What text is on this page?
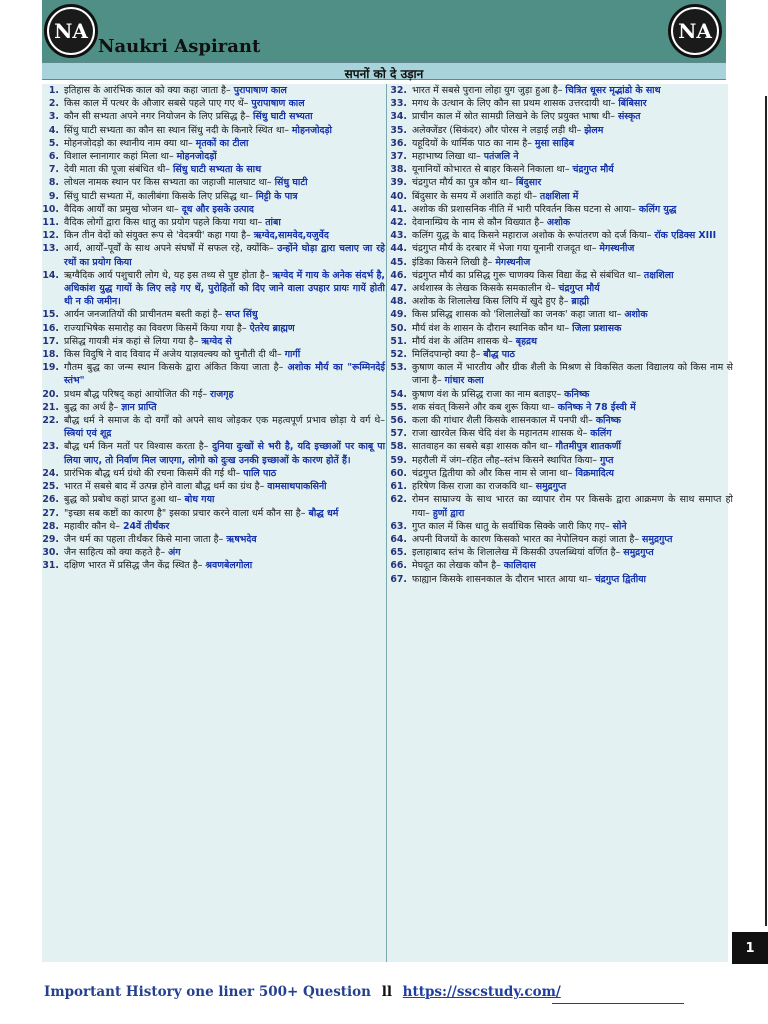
NA
Naukri Aspirant
NA
सपनों को दे उड़ान
1. इतिहास के आरंभिक काल को क्या कहा जाता है– पुरापाषाण काल
2. किस काल में पत्थर के औजार सबसे पहले पाए गए थें– पुरापाषाण काल
3. कौन सी सभ्यता अपने नगर नियोजन के लिए प्रसिद्ध है– सिंधु घाटी सभ्यता
4. सिंधु घाटी सभ्यता का कौन सा स्थान सिंधु नदी के किनारे स्थित था– मोहनजोदड़ो
5. मोहनजोदड़ो का स्थानीय नाम क्या था– मृतकों का टीला
6. विशाल स्नानागार कहां मिला था– मोहनजोदड़ों
7. देवी माता की पूजा संबंधित थी– सिंधु घाटी सभ्यता के साथ
8. लोथल नामक स्थान पर किस सभ्यता का जहाजी मालघाट था– सिंधु घाटी
9. सिंधु घाटी सभ्यता में, कालीबंगा किसके लिए प्रसिद्ध था– मिट्टी के पात्र
10. वैदिक आर्यों का प्रमुख भोजन था– दूध और इसके उत्पाद
11. वैदिक लोगों द्वारा किस धातु का प्रयोग पहले किया गया था– तांबा
12. किन तीन वेदों को संयुक्त रूप से 'वेदत्रयी' कहा गया है– ऋग्वेद,सामवेद,यजुर्वेद
13. आर्य, आर्यों–पूर्वों के साथ अपने संघर्षों में सफल रहे, क्योंकि– उन्होंने घोड़ा द्वारा चलाए जा रहे रथों का प्रयोग किया
14. ऋग्वैदिक आर्य पशुचारी लोग थे, यह इस तथ्य से पुष्ट होता है– ऋग्वेद में गाय के अनेक संदर्भ है, अधिकांश युद्ध गायों के लिए लड़े गए थें, पुरोहितों को दिए जाने वाला उपहार प्रायः गायें होती थी न की जमीन।
15. आर्यन जनजातियों की प्राचीनतम बस्ती कहां है– सप्त सिंधु
16. राज्याभिषेक समारोह का विवरण किसमें किया गया है– ऐतरेय ब्राह्मण
17. प्रसिद्ध गायत्री मंत्र कहां से लिया गया है– ऋग्वेद से
18. किस विदुषि ने वाद विवाद में अजेय याज्ञवल्क्य को चुनौती दी थी– गार्गी
19. गौतम बुद्ध का जन्म स्थान किसके द्वारा अंकित किया जाता है– अशोक मौर्य का "रूम्मिनदेई स्तंभ"
20. प्रथम बौद्ध परिषद् कहां आयोजित की गई– राजगृह
21. बुद्ध का अर्थ है– ज्ञान प्राप्ति
22. बौद्ध धर्म ने समाज के दो वर्गों को अपने साथ जोड़कर एक महत्वपूर्ण प्रभाव छोड़ा ये वर्ग थे– स्त्रियां एवं शूद्र
23. बौद्ध धर्म किन मतों पर विश्वास करता है– दुनिया दुःखों से भरी है, यदि इच्छाओं पर काबू पा लिया जाए, तो निर्वाण मिल जाएगा, लोगो को दुःख उनकी इच्छाओं के कारण होतें हैं।
24. प्रारंभिक बौद्ध धर्म ग्रंथो की रचना किसमें की गई थी– पालि पाठ
25. भारत में सबसे बाद में उत्पन्न होने वाला बौद्ध धर्म का ग्रंथ है– वामसाथपाकसिनी
26. बुद्ध को प्रबोध कहां प्राप्त हुआ था– बोध गया
27. "इच्छा सब कष्टों का कारण है" इसका प्रचार करने वाला धर्म कौन सा है– बौद्ध धर्म
28. महावीर कौन थे– 24वें तीर्थंकर
29. जैन धर्म का पहला तीर्थंकर किसे माना जाता है– ऋषभदेव
30. जैन साहित्य को क्या कहते है– अंग
31. दक्षिण भारत में प्रसिद्ध जैन केंद्र स्थित है– श्रवणबेलगोला
32. भारत में सबसे पुराना लोहा युग जुड़ा हुआ है– चित्रित धूसर मृद्भांडो के साथ
33. मगध के उत्थान के लिए कौन सा प्रथम शासक उत्तरदायी था– बिंबिसार
34. प्राचीन काल में स्रोत सामग्री लिखने के लिए प्रयुक्त भाषा थी– संस्कृत
35. अलेक्जेंडर (सिकंदर) और पोरस ने लड़ाई लड़ी थी– झेलम
36. यहूदियों के धार्मिक पाठ का नाम है– मुसा साहिब
37. महाभाष्य लिखा था– पतंजलि ने
38. यूनानियों कोभारत से बाहर किसने निकाला था– चंद्रगुप्त मौर्य
39. चंद्रगुप्त मौर्य का पुत्र कौन था– बिंदुसार
40. बिंदुसार के समय में अशांति कहां थी– तक्षशिला में
41. अशोक की प्रशासनिक नीति में भारी परिवर्तन किस घटना से आया– कलिंग युद्ध
42. देवानाम्प्रिय के नाम से कौन विख्यात है– अशोक
43. कलिंग युद्ध के बाद किसने महाराज अशोक के रूपांतरण को दर्ज किया– रॉक एडिक्स XIII
44. चंद्रगुप्त मौर्य के दरबार में भेजा गया यूनानी राजदूत था– मेगस्थनीज
45. इंडिका किसने लिखी है– मेगस्थनीज
46. चंद्रगुप्त मौर्य का प्रसिद्ध गुरू चाणक्य किस विद्या केंद्र से संबंधित था– तक्षशिला
47. अर्थशास्त्र के लेखक किसके समकालीन थे– चंद्रगुप्त मौर्य
48. अशोक के शिलालेख किस लिपि में खुदे हुए है– ब्राह्मी
49. किस प्रसिद्ध शासक को 'शिलालेखों का जनक' कहा जाता था– अशोक
50. मौर्य वंश के शासन के दौरान स्थानिक कौन था– जिला प्रशासक
51. मौर्य वंश के अंतिम शासक थे– बृहद्रथ
52. मिलिंदपान्हो क्या है– बौद्ध पाठ
53. कुषाण काल में भारतीय और ग्रीक शैली के मिश्रण से विकसित कला विद्यालय को किस नाम से जाना है– गांधार कला
54. कुषाण वंश के प्रसिद्ध राजा का नाम बताइए– कनिष्क
55. शक संवत् किसने और कब शुरू किया था– कनिष्क ने 78 ईस्वी में
56. कला की गांधार शैली किसके शासनकाल में पनपी थी– कनिष्क
57. राजा खारवेल किस चेदि वंश के महानतम शासक थे– कलिंग
58. सातवाहन का सबसे बड़ा शासक कौन था– गौतमीपुत्र शातकर्णी
59. महरौली में जंग–रहित लौह–स्तंभ किसने स्थापित किया– गुप्त
60. चंद्रगुप्त द्वितीया को और किस नाम से जाना था– विक्रमादित्य
61. हरिषेण किस राजा का राजकवि था– समुद्रगुप्त
62. रोमन साम्राज्य के साथ भारत का व्यापार रोम पर किसके द्वारा आक्रमण के साथ समाप्त हो गया– हुणों द्वारा
63. गुप्त काल में किस धातु के सर्वाधिक सिक्के जारी किए गए– सोने
64. अपनी विजयों के कारण किसको भारत का नेपोलियन कहां जाता है– समुद्रगुप्त
65. इलाहाबाद स्तंभ के शिलालेख में किसकी उपलब्धियां वर्णित है– समुद्रगुप्त
66. मेघदूत का लेखक कौन है– कालिदास
67. फाह्यान किसके शासनकाल के दौरान भारत आया था– चंद्रगुप्त द्वितीया
1
Important History one liner 500+ Question ll https://sscstudy.com/
